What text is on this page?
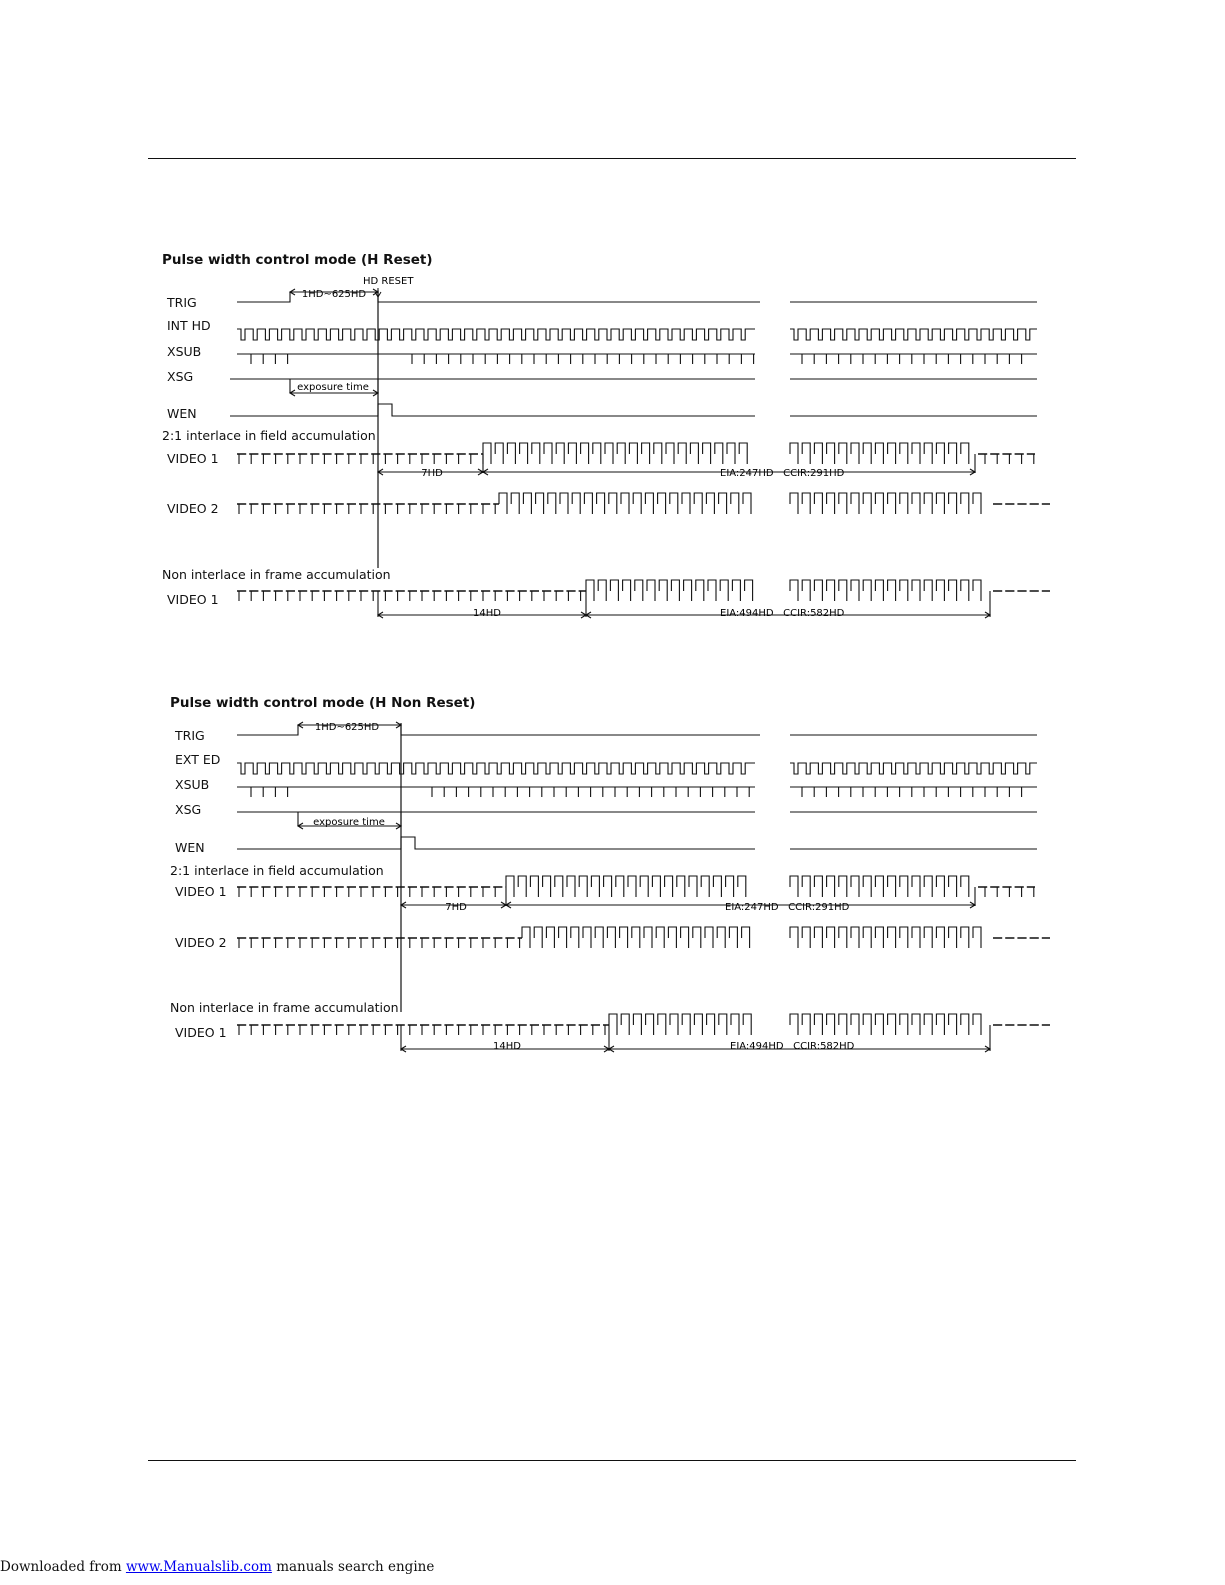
Pulse width control mode (H Reset)
TRIG
INT HD
XSUB
XSG
WEN
2:1 interlace in field accumulation
VIDEO 1
VIDEO 2
Non interlace in frame accumulation
VIDEO 1
HD RESET
1HD~625HD
exposure time
7HD	EIA:247HD   CCIR:291HD
14HD	EIA:494HD   CCIR:582HD
Pulse width control mode (H Non Reset)
TRIG
EXT ED
XSUB
XSG
WEN
2:1 interlace in field accumulation
VIDEO 1
VIDEO 2
Non interlace in frame accumulation
VIDEO 1
1HD~625HD
exposure time
7HD	EIA:247HD   CCIR:291HD
14HD	EIA:494HD   CCIR:582HD
Downloaded from www.Manualslib.com manuals search engine
